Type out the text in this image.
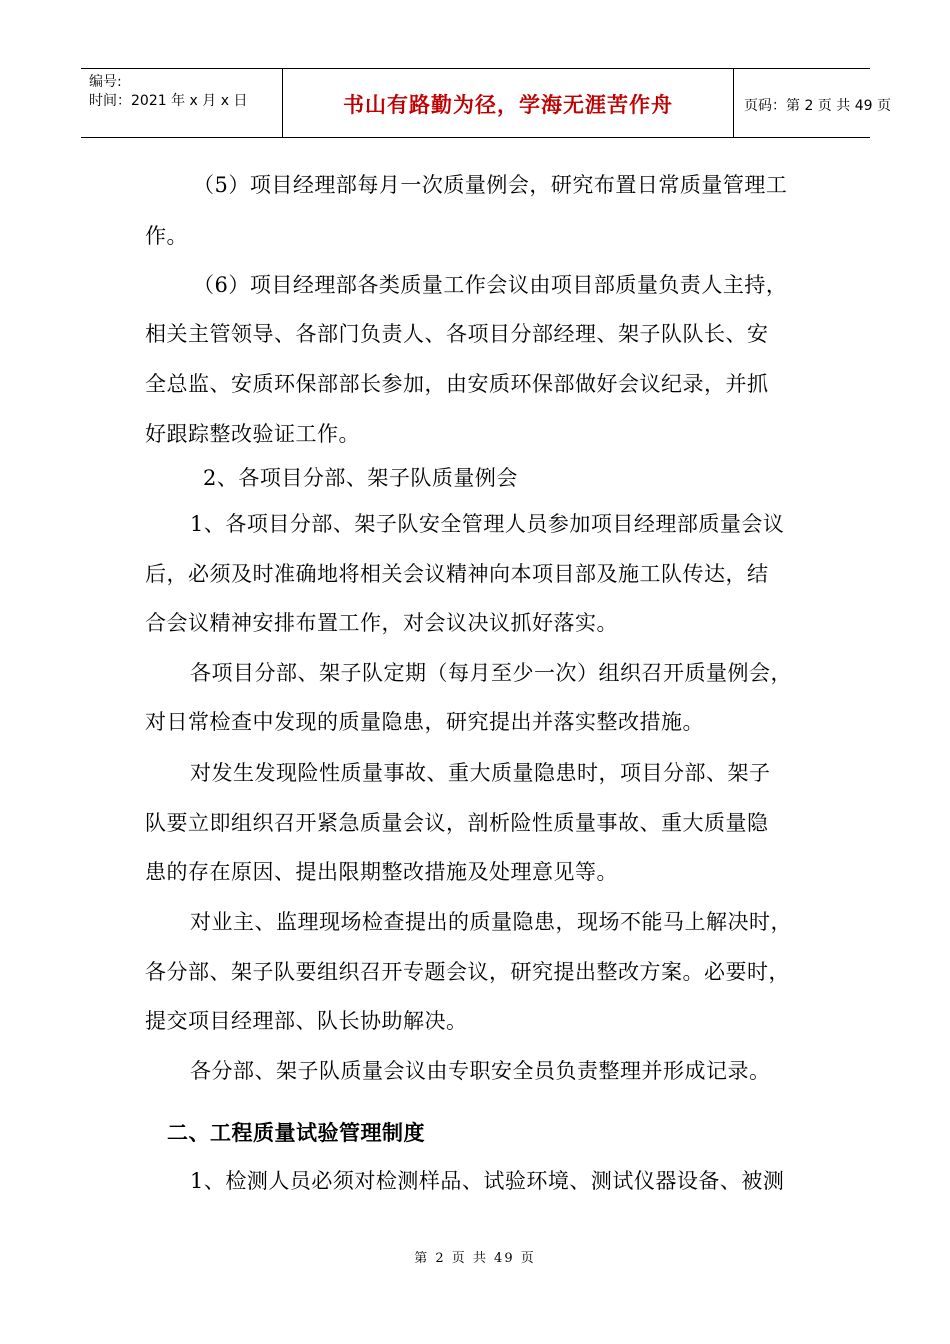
编号:
时间：2021 年 x 月 x 日	书山有路勤为径，学海无涯苦作舟	页码：第 2 页 共 49 页
（5）项目经理部每月一次质量例会，研究布置日常质量管理工
作。
（6）项目经理部各类质量工作会议由项目部质量负责人主持，
相关主管领导、各部门负责人、各项目分部经理、架子队队长、安
全总监、安质环保部部长参加，由安质环保部做好会议纪录，并抓
好跟踪整改验证工作。
2、各项目分部、架子队质量例会
1、各项目分部、架子队安全管理人员参加项目经理部质量会议
后，必须及时准确地将相关会议精神向本项目部及施工队传达，结
合会议精神安排布置工作，对会议决议抓好落实。
各项目分部、架子队定期（每月至少一次）组织召开质量例会，
对日常检查中发现的质量隐患，研究提出并落实整改措施。
对发生发现险性质量事故、重大质量隐患时，项目分部、架子
队要立即组织召开紧急质量会议，剖析险性质量事故、重大质量隐
患的存在原因、提出限期整改措施及处理意见等。
对业主、监理现场检查提出的质量隐患，现场不能马上解决时，
各分部、架子队要组织召开专题会议，研究提出整改方案。必要时，
提交项目经理部、队长协助解决。
各分部、架子队质量会议由专职安全员负责整理并形成记录。
二、工程质量试验管理制度
1、检测人员必须对检测样品、试验环境、测试仪器设备、被测
第 2 页 共 49 页
